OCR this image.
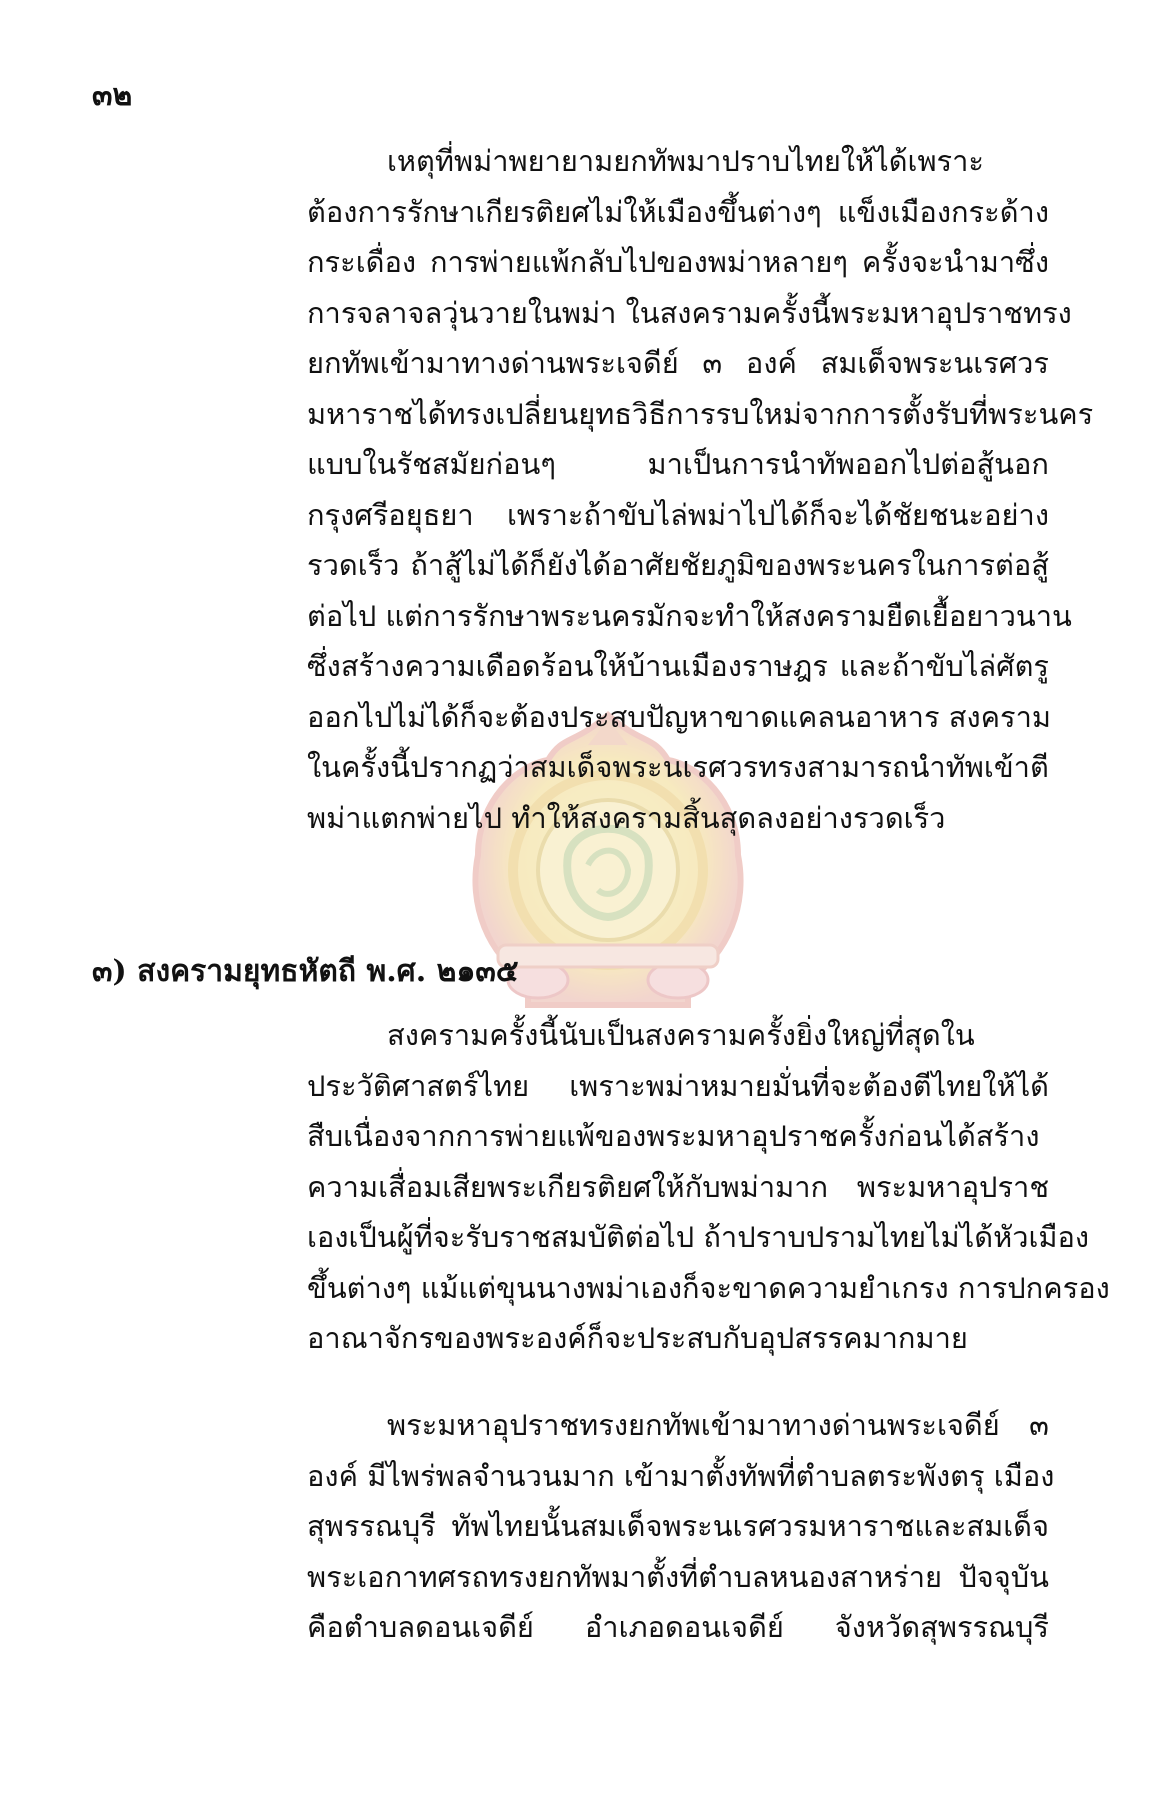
๓๒
เหตุที่พม่าพยายามยกทัพมาปราบไทยให้ได้เพราะ
ต้องการรักษาเกียรติยศไม่ให้เมืองขึ้นต่างๆ แข็งเมืองกระด้าง
กระเดื่อง การพ่ายแพ้กลับไปของพม่าหลายๆ ครั้งจะนำมาซึ่ง
การจลาจลวุ่นวายในพม่า ในสงครามครั้งนี้พระมหาอุปราชทรง
ยกทัพเข้ามาทางด่านพระเจดีย์ ๓ องค์ สมเด็จพระนเรศวร
มหาราชได้ทรงเปลี่ยนยุทธวิธีการรบใหม่จากการตั้งรับที่พระนคร
แบบในรัชสมัยก่อนๆ มาเป็นการนำทัพออกไปต่อสู้นอก
กรุงศรีอยุธยา เพราะถ้าขับไล่พม่าไปได้ก็จะได้ชัยชนะอย่าง
รวดเร็ว ถ้าสู้ไม่ได้ก็ยังได้อาศัยชัยภูมิของพระนครในการต่อสู้
ต่อไป แต่การรักษาพระนครมักจะทำให้สงครามยืดเยื้อยาวนาน
ซึ่งสร้างความเดือดร้อนให้บ้านเมืองราษฎร และถ้าขับไล่ศัตรู
ออกไปไม่ได้ก็จะต้องประสบปัญหาขาดแคลนอาหาร สงคราม
ในครั้งนี้ปรากฏว่าสมเด็จพระนเรศวรทรงสามารถนำทัพเข้าตี
พม่าแตกพ่ายไป ทำให้สงครามสิ้นสุดลงอย่างรวดเร็ว
๓) สงครามยุทธหัตถี พ.ศ. ๒๑๓๕
สงครามครั้งนี้นับเป็นสงครามครั้งยิ่งใหญ่ที่สุดใน
ประวัติศาสตร์ไทย เพราะพม่าหมายมั่นที่จะต้องตีไทยให้ได้
สืบเนื่องจากการพ่ายแพ้ของพระมหาอุปราชครั้งก่อนได้สร้าง
ความเสื่อมเสียพระเกียรติยศให้กับพม่ามาก พระมหาอุปราช
เองเป็นผู้ที่จะรับราชสมบัติต่อไป ถ้าปราบปรามไทยไม่ได้หัวเมือง
ขึ้นต่างๆ แม้แต่ขุนนางพม่าเองก็จะขาดความยำเกรง การปกครอง
อาณาจักรของพระองค์ก็จะประสบกับอุปสรรคมากมาย
พระมหาอุปราชทรงยกทัพเข้ามาทางด่านพระเจดีย์ ๓
องค์ มีไพร่พลจำนวนมาก เข้ามาตั้งทัพที่ตำบลตระพังตรุ เมือง
สุพรรณบุรี ทัพไทยนั้นสมเด็จพระนเรศวรมหาราชและสมเด็จ
พระเอกาทศรถทรงยกทัพมาตั้งที่ตำบลหนองสาหร่าย ปัจจุบัน
คือตำบลดอนเจดีย์ อำเภอดอนเจดีย์ จังหวัดสุพรรณบุรี
